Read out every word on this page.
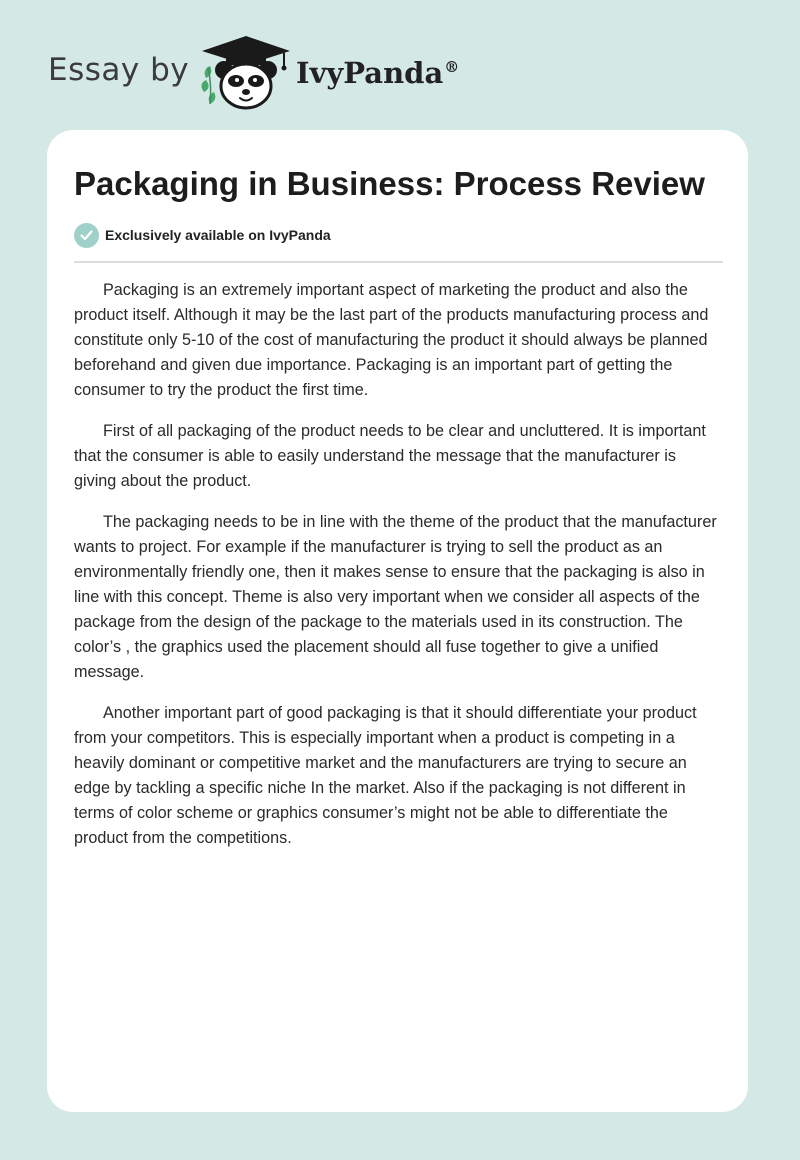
Essay by	IvyPanda®
Packaging in Business: Process Review
Exclusively available on IvyPanda

Packaging is an extremely important aspect of marketing the product and also the product itself. Although it may be the last part of the products manufacturing process and constitute only 5-10 of the cost of manufacturing the product it should always be planned beforehand and given due importance. Packaging is an important part of getting the consumer to try the product the first time.

First of all packaging of the product needs to be clear and uncluttered. It is important that the consumer is able to easily understand the message that the manufacturer is giving about the product.

The packaging needs to be in line with the theme of the product that the manufacturer wants to project. For example if the manufacturer is trying to sell the product as an environmentally friendly one, then it makes sense to ensure that the packaging is also in line with this concept. Theme is also very important when we consider all aspects of the package from the design of the package to the materials used in its construction. The color’s , the graphics used the placement should all fuse together to give a unified message.

Another important part of good packaging is that it should differentiate your product from your competitors. This is especially important when a product is competing in a heavily dominant or competitive market and the manufacturers are trying to secure an edge by tackling a specific niche In the market. Also if the packaging is not different in terms of color scheme or graphics consumer’s might not be able to differentiate the product from the competitions.
